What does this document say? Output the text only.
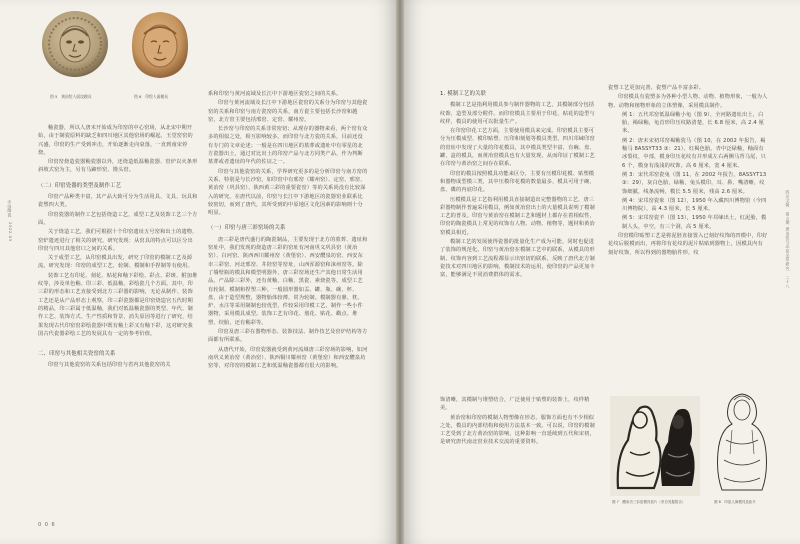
图 5　黄冶绘人面纹模具	图 6　印绘人面模具

釉瓷器，所以人唐末开始成为印窑的中心窑场，从北宋中期开始，由于制瓷原料的缺乏和四川地区其他窑场的崛起，玉堂窑窑的兴盛，印窑的生产受到冲击，开始逐渐走向衰落，一直到南宋停烧。

印窑窑烧造瓷器釉瓷器以外，还烧造低温釉瓷器、窑炉以火条形斜坡式窑为主，另有马蹄形窑、馒头窑。

（二）印窑瓷器的类型及制作工艺

印窑产品种类丰富，其产品大致可分为生活用具、文具、玩具和瓷塑四大类。

印窑瓷器的制作工艺包括烧造工艺，成型工艺及装饰工艺三个方面。

关于烧造工艺，我们可根据十个印窑遗址五号窑和出土的遗物，窑炉遗迹进行了相关的研究。研究发现：从窑具的特点可以区分出印窑与四川其他窑口之间的关系。

关于成型工艺，从印窑模具出发，研究了印窑的模制工艺及源流。研究发现：印窑的成型工艺，轮制、模制和手捏制等有使用。

装饰工艺有印花、刻花、贴花和釉下彩绘、彩点、彩斑、附加堆纹等，涉及单色釉、印三彩、低温釉、彩绘瓷几个方面。其中，印三彩的形态和工艺直接受到北方三彩器的影响，无论从制作、装饰工艺还是从产品形态上观察，印三彩瓷器都是印窑烧造宫五代时期的精品，印三彩属于低温釉，我们对低温釉瓷器的类型、年代、制作工艺、装饰方式、生产性质和背景，消失原因等进行了研究，结果发现古代印窑窑彩绘瓷器中既有釉上彩又有釉下彩，这对研究我国古代瓷器彩绘工艺的发展具有一定的参考价值。

二、印窑与其他相关瓷窑的关系

印窑与其他瓷窑的关系包括印窑与省内其他瓷窑的关

系和印窑与黄河流域及长江中下游地区瓷窑之间的关系。

印窑与黄河流域及长江中下游地区瓷窑的关系分为印窑与其他瓷窑的关系和印窑与南方瓷窑的关系，南方瓷主要包括长沙窑和越窑，北方窑主要包括邢窑、定窑、耀州窑。

长沙窑与印窑的关系非常密切；从现存的器物来看，两个窑有众多的相似之处，相互影响较多。而印窑与北方瓷的关系，目前还没有专门的文章论述；一般是在四川地区的墓葬或遗址中有零星的北方瓷器出土，通过对比出土的印窑产品与北方同类产品，作为判断墓葬或者遗址的年代的佐证之一。

印窑与其他瓷窑的关系，学界研究更多的是分析印窑与南方窑的关系，特别是与长沙窑。如印窑中有邢窑（耀州窑）、定窑、邢窑、黄冶窑（巩县窑）、陕西黄三彩的重要瓷窑）等的关系尚没有比较深入的研究。在唐代以前，印窑与长江中下游地区的瓷器窑业联系比较密切，而到了唐代，其所受到的中原地区文化因素的影响则十分明显。

（一）印窑与唐三彩窑场的关系

唐三彩是唐代盛行的陶瓷制品，主要发现于北方的墓葬、遗址和窑址中，我们发现的烧造唐三彩的窑址有河南巩义巩县窑（黄冶窑）、白河窑、陕西西川耀州窑（黄堡窑）、西安醴泉坊窑、西安东市三彩窑、河北邢窑、井陉窑等窑址，山西浑源窑和涞州窑等。除了墙壁瓶的模具和模型明器外，唐三彩窑场还生产其他日常生活用品。产品除三彩外，还有黄釉、白釉、黑瓷、素烧瓷等。成型工艺有轮制、模制和捏塑三种。一般圆形器如盂、罐、瓶、碗、杯、盘，由于造型规整，器物胎体较薄，常为轮制。模制器有鼎、枕、炉、水注等采用制制也较优型，件较采用印模工艺，制作一些小件器物，采用模具成型。装饰工艺有印花、划花、贴花、戳点、堆塑、绞胎，还有釉彩等。

印窑及唐三彩在器物形态、装饰技法、制作技艺及窑炉结构等方面都有所联系。

从唐代开始，印窑瓷器就受到黄河流域唐三彩窑场的影响，如河南巩义黄冶窑（黄冶窑）、陕西铜川耀州窑（黄堡窑）和西安醴泉坊窑等，对印窑的模制工艺和低温釉瓷器都有很大的影响。

0 0 6
中国陶瓷　2022.03

1. 模制工艺的关联

模制工艺是指利用模具参与制作器物的工艺，其模制部分包括纹饰、造型及部分附件。而印窑模具主要用于印花、贴花的造型与纹样，模具的使用可以批量生产。

在印窑印花工艺方面，主要使用模具来完成。印窑模具主要可分为压模成型、模印贴塑、压印和刻划等模具类型。四川邛崃印窑的窑址中发现了大量的印花模具，其中模具类型丰富，有碗、盘、罐、盒的模具，而黄冶窑模具也有大量发现，从而印证了模制工艺在印窑与黄冶窑之间存在联系。

印窑的模具按照模具功能来区分，主要有压模印花模、贴塑模和器物成型模三类，其中压模印花模的数量最多，模具可用于碗、盘、碟的内底印花。

压模模具是工艺指利用模具直接制造出完整器物的工艺，唐三彩器物制作普遍采用模具，例如黄冶窑出土的大量模具说明了模制工艺的普及。印窑与黄冶窑在模制工艺和题材上都存在着相似性，印窑的陶瓷模具上常见的纹饰有人物、动物、植物等，题材和黄冶窑模具相近。

模制工艺的发展使得瓷器的批量化生产成为可能，同时也促进了装饰的规范化。印窑与黄冶窑在模制工艺中的联系，从模具的形制、纹饰内容到工艺流程都显示出密切的联系，反映了唐代北方制瓷技术对四川地区的影响，模制技术的运用，使印窑的产品更加丰富，能够满足不同消费群体的需求。

瓷塑工艺更加完善，瓷塑产品丰富多彩。

印窑模具有瓷塑多为各种小型人物、动物、植物形象，一般为人物、动物和植物形象的立体塑像，采用模具制作。

例 1：五代邛窑低温绿釉小龟（图 9），全河路遗址出土，白胎，褐绿釉，龟首形印压纹路清楚，长 6.8 厘米，高 2.4 厘米。

例 2：唐末宋初邛窑褐釉瓷马（图 10，在 2002 年报告，褐釉马 8ASSYT33 ③：21），红褐色胎，青中泛绿釉，釉面有冰裂纹，中部，模身印压花纹有并形成左右两侧马背马尾，只 6 个，模身有浅浅的纹饰。高 6 厘米，宽 4 厘米。

例 3：宋代邛窑瓷兔（图 11，在 2002 年报告，8ASSYT13 ③：29），灰白色胎，绿釉，兔头模印，耳、鼻、嘴清晰，纹饰细腻，线条流畅，模长 5.5 厘米，残高 2.6 厘米。

例 4：宋邛窑瓷象（图 12），1950 年入藏四川博物馆（今四川博物院），高 4.3 厘米，长 5 厘米。

例 5：宋邛窑瓷羊（图 13），1950 年邛崃出土，红泥胎，模制人头，中空，有三个洞，高 5 厘米。

印窑模印贴塑工艺是将泥胚直接置入已刻好纹饰的凹模中，印好花纹后脱模而出，再将印有花纹的泥片粘贴到器物上，因模具内有刻好纹饰，所以得到的器物胎件形，纹

饰清晰，其模制与堆塑结合，广泛使用于贴塑的装饰上，纹样精美。

黄冶窑和印窑的模制人物塑像在形态、服饰方面也有不少相似之处，模具的内部结构和使用方法基本一致。可以说，印窑的模制工艺受到了北方黄冶窑的影响，这种影响一直延续到五代和宋初，是研究唐代南北窑业技术交流的重要资料。

图 7　醴泉坊三彩窑模具拓片（采自发掘报告）	图 8　印窑人像模具及拓片
四川文物　第五期 黄冶窑与邛窑关系研究　二十八
